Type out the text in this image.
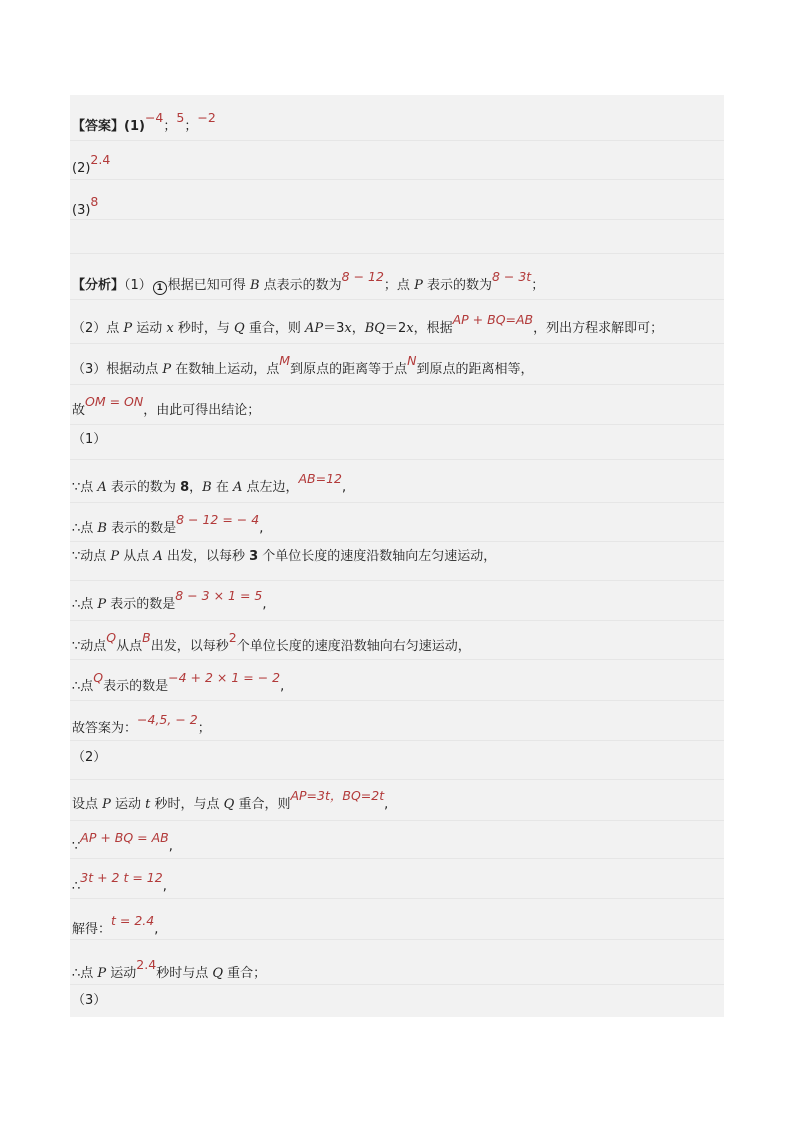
【答案】(1)−4；5；−2
(2)2.4
(3)8
【分析】（1） 1 根据已知可得 B 点表示的数为8 − 12；点 P 表示的数为8 − 3t；
（2）点 P 运动 x 秒时，与 Q 重合，则 AP＝3x，BQ＝2x，根据AP + BQ=AB，列出方程求解即可；
（3）根据动点 P 在数轴上运动，点M到原点的距离等于点N到原点的距离相等，
故OM = ON，由此可得出结论；
（1）
∵点 A 表示的数为 8，B 在 A 点左边，AB=12,
∴点 B 表示的数是8 − 12 = − 4,
∵动点 P 从点 A 出发，以每秒 3 个单位长度的速度沿数轴向左匀速运动，
∴点 P 表示的数是8 − 3 × 1 = 5,
∵动点Q从点B出发，以每秒2个单位长度的速度沿数轴向右匀速运动，
∴点Q表示的数是−4 + 2 × 1 = − 2,
故答案为：−4,5, − 2；
（2）
设点 P 运动 t 秒时，与点 Q 重合，则AP=3t，BQ=2t,
∵AP + BQ = AB,
∴3t + 2 t = 12,
解得：t = 2.4,
∴点 P 运动2.4秒时与点 Q 重合；
（3）
